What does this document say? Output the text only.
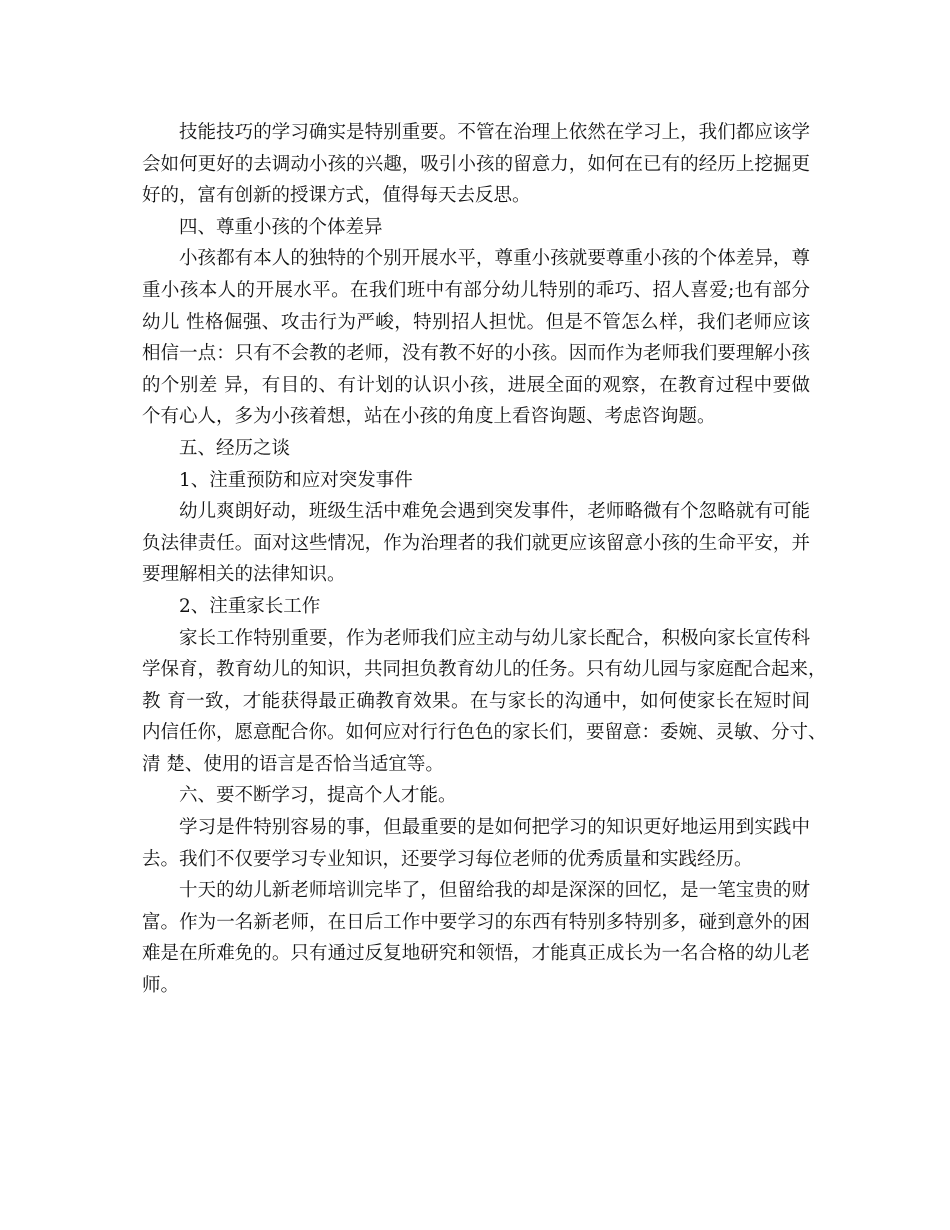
技能技巧的学习确实是特别重要。不管在治理上依然在学习上，我们都应该学
会如何更好的去调动小孩的兴趣，吸引小孩的留意力，如何在已有的经历上挖掘更
好的，富有创新的授课方式，值得每天去反思。
四、尊重小孩的个体差异
小孩都有本人的独特的个别开展水平，尊重小孩就要尊重小孩的个体差异，尊
重小孩本人的开展水平。在我们班中有部分幼儿特别的乖巧、招人喜爱;也有部分
幼儿 性格倔强、攻击行为严峻，特别招人担忧。但是不管怎么样，我们老师应该
相信一点：只有不会教的老师，没有教不好的小孩。因而作为老师我们要理解小孩
的个别差 异，有目的、有计划的认识小孩，进展全面的观察，在教育过程中要做
个有心人，多为小孩着想，站在小孩的角度上看咨询题、考虑咨询题。
五、经历之谈
1、注重预防和应对突发事件
幼儿爽朗好动，班级生活中难免会遇到突发事件，老师略微有个忽略就有可能
负法律责任。面对这些情况，作为治理者的我们就更应该留意小孩的生命平安，并
要理解相关的法律知识。
2、注重家长工作
家长工作特别重要，作为老师我们应主动与幼儿家长配合，积极向家长宣传科
学保育，教育幼儿的知识，共同担负教育幼儿的任务。只有幼儿园与家庭配合起来，
教 育一致，才能获得最正确教育效果。在与家长的沟通中，如何使家长在短时间
内信任你，愿意配合你。如何应对行行色色的家长们，要留意：委婉、灵敏、分寸、
清 楚、使用的语言是否恰当适宜等。
六、要不断学习，提高个人才能。
学习是件特别容易的事，但最重要的是如何把学习的知识更好地运用到实践中
去。我们不仅要学习专业知识，还要学习每位老师的优秀质量和实践经历。
十天的幼儿新老师培训完毕了，但留给我的却是深深的回忆，是一笔宝贵的财
富。作为一名新老师，在日后工作中要学习的东西有特别多特别多，碰到意外的困
难是在所难免的。只有通过反复地研究和领悟，才能真正成长为一名合格的幼儿老
师。
